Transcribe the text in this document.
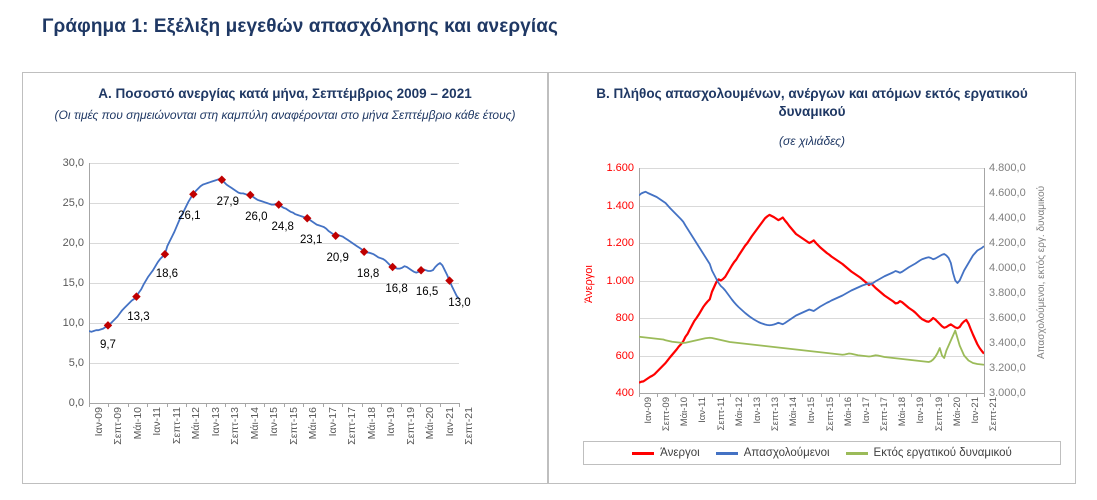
Γράφημα 1: Εξέλιξη μεγεθών απασχόλησης και ανεργίας
Α. Ποσοστό ανεργίας κατά μήνα, Σεπτέμβριος 2009 – 2021
(Οι τιμές που σημειώνονται στη καμπύλη αναφέρονται στο μήνα Σεπτέμβριο κάθε έτους)
0,0
5,0
10,0
15,0
20,0
25,0
30,0
Ιαν-09 Σεπτ-09 Μάι-10 Ιαν-11 Σεπτ-11 Μάι-12 Ιαν-13 Σεπτ-13 Μάι-14 Ιαν-15 Σεπτ-15 Μάι-16 Ιαν-17 Σεπτ-17 Μάι-18 Ιαν-19 Σεπτ-19 Μάι-20 Ιαν-21 Σεπτ-21
9,7
13,3
18,6
26,1
27,9
26,0
24,8
23,1
20,9
18,8
16,8 16,5
13,0
Β. Πλήθος απασχολουμένων, ανέργων και ατόμων εκτός εργατικού δυναμικού
(σε χιλιάδες)
400
600
800
1.000
1.200
1.400
1.600
3.000,0
3.200,0
3.400,0
3.600,0
3.800,0
4.000,0
4.200,0
4.400,0
4.600,0
4.800,0
Ιαν-09 Σεπτ-09 Μάι-10 Ιαν-11 Σεπτ-11 Μάι-12 Ιαν-13 Σεπτ-13 Μάι-14 Ιαν-15 Σεπτ-15 Μάι-16 Ιαν-17 Σεπτ-17 Μάι-18 Ιαν-19 Σεπτ-19 Μάι-20 Ιαν-21 Σεπτ-21
Άνεργοι	Απασχολούμενοι	Εκτός εργατικού δυναμικού
Άνεργοι	Απασχολούμενοι, εκτός εργ. δυναμικού
